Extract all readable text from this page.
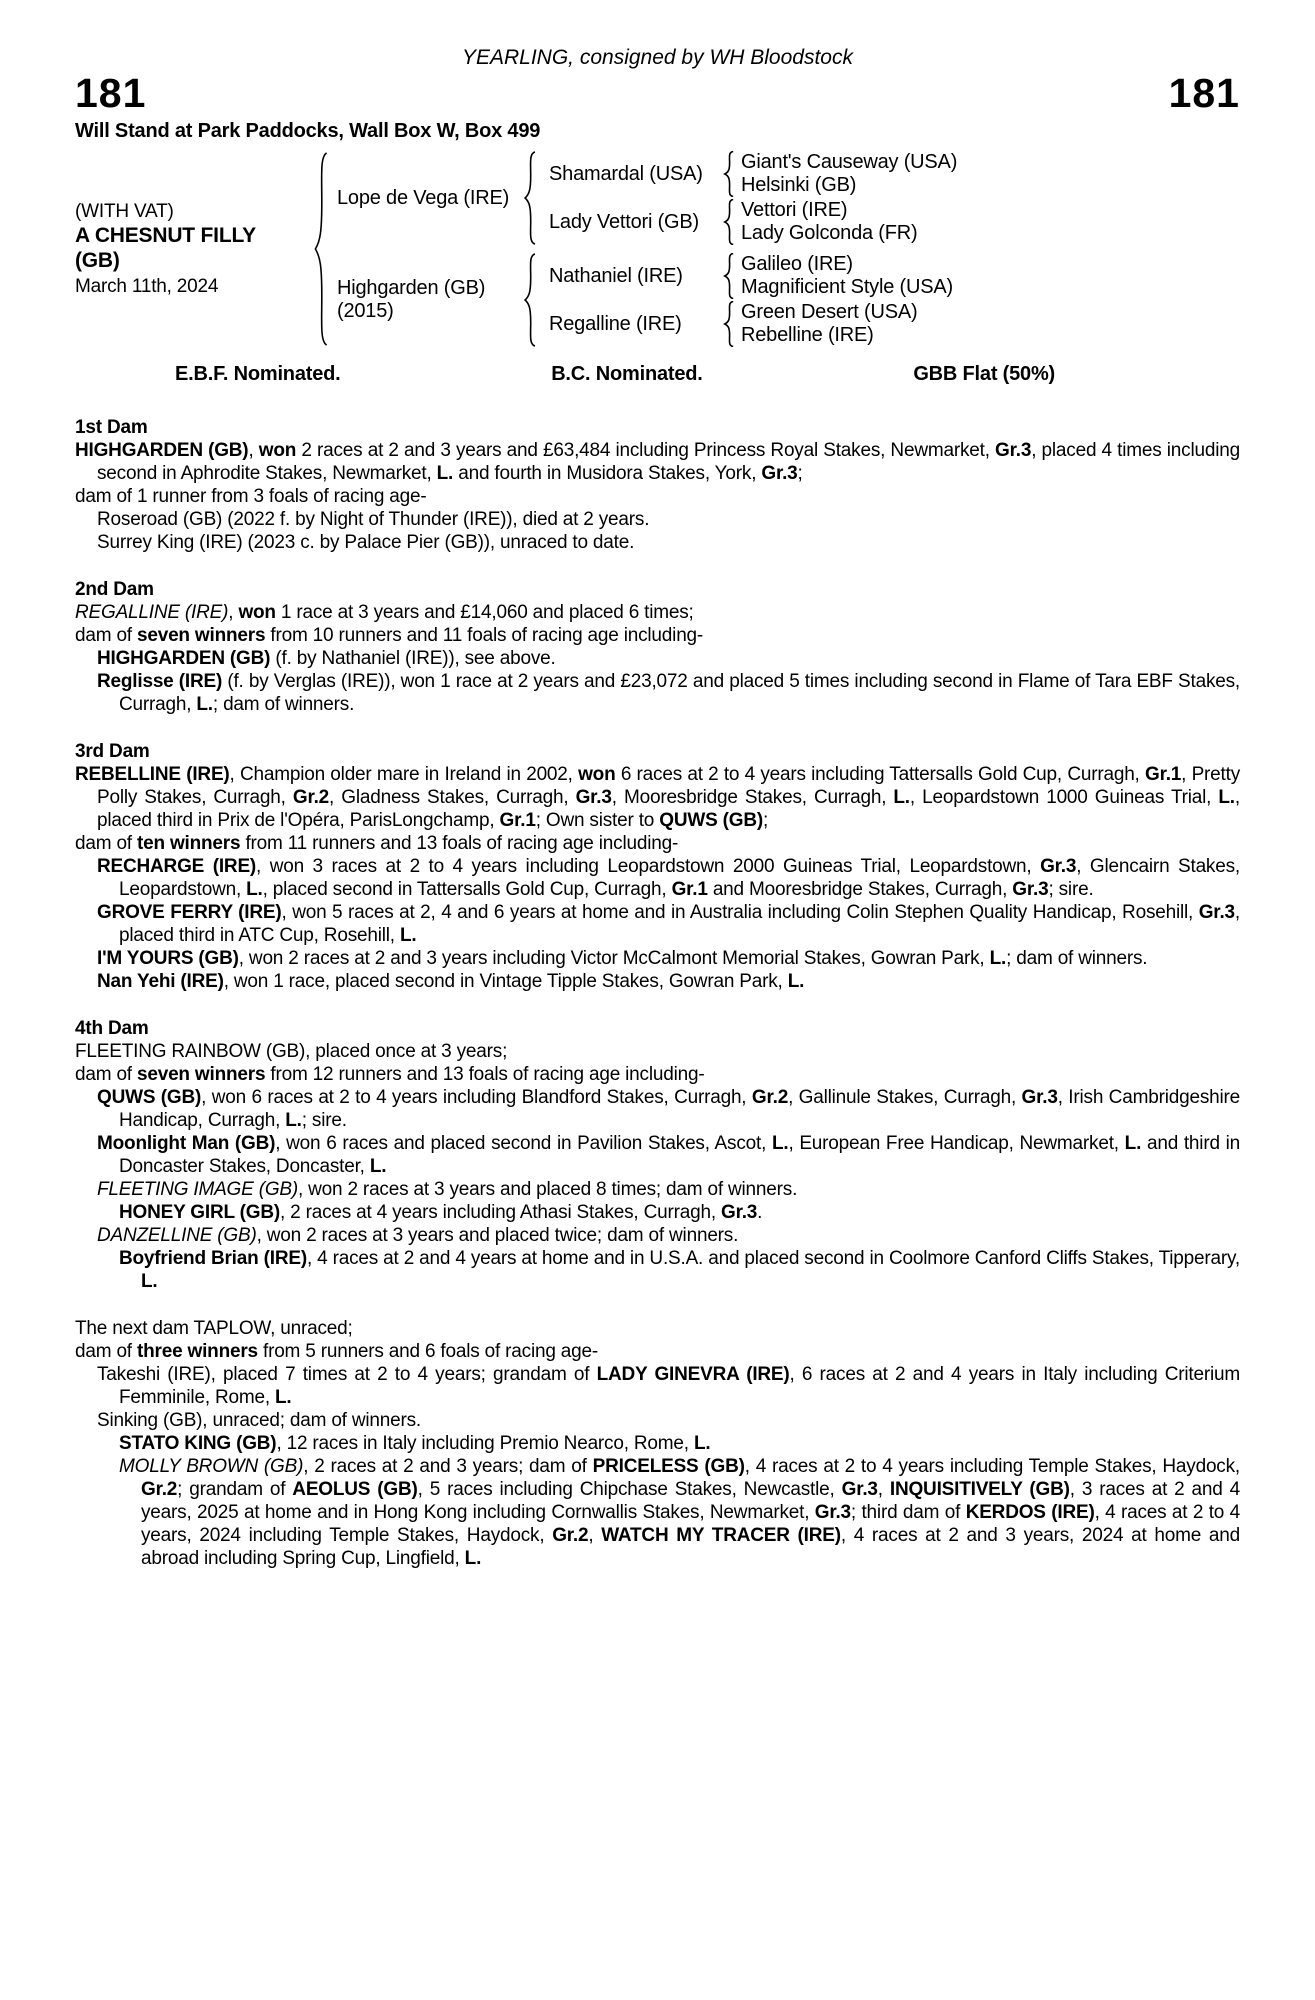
YEARLING, consigned by WH Bloodstock
181	181
Will Stand at Park Paddocks, Wall Box W, Box 499
(WITH VAT)
A CHESNUT FILLY
(GB)
March 11th, 2024
Lope de Vega (IRE)
Shamardal (USA)
Giant's Causeway (USA)
Helsinki (GB)
Lady Vettori (GB)
Vettori (IRE)
Lady Golconda (FR)
Highgarden (GB)
(2015)
Nathaniel (IRE)
Galileo (IRE)
Magnificient Style (USA)
Regalline (IRE)
Green Desert (USA)
Rebelline (IRE)
E.B.F. Nominated.	B.C. Nominated.	GBB Flat (50%)
1st Dam

HIGHGARDEN (GB), won 2 races at 2 and 3 years and £63,484 including Princess Royal Stakes, Newmarket, Gr.3, placed 4 times including second in Aphrodite Stakes, Newmarket, L. and fourth in Musidora Stakes, York, Gr.3;

dam of 1 runner from 3 foals of racing age-

Roseroad (GB) (2022 f. by Night of Thunder (IRE)), died at 2 years.

Surrey King (IRE) (2023 c. by Palace Pier (GB)), unraced to date.

2nd Dam

REGALLINE (IRE), won 1 race at 3 years and £14,060 and placed 6 times;

dam of seven winners from 10 runners and 11 foals of racing age including-

HIGHGARDEN (GB) (f. by Nathaniel (IRE)), see above.

Reglisse (IRE) (f. by Verglas (IRE)), won 1 race at 2 years and £23,072 and placed 5 times including second in Flame of Tara EBF Stakes, Curragh, L.; dam of winners.

3rd Dam

REBELLINE (IRE), Champion older mare in Ireland in 2002, won 6 races at 2 to 4 years including Tattersalls Gold Cup, Curragh, Gr.1, Pretty Polly Stakes, Curragh, Gr.2, Gladness Stakes, Curragh, Gr.3, Mooresbridge Stakes, Curragh, L., Leopardstown 1000 Guineas Trial, L., placed third in Prix de l'Opéra, ParisLongchamp, Gr.1; Own sister to QUWS (GB);

dam of ten winners from 11 runners and 13 foals of racing age including-

RECHARGE (IRE), won 3 races at 2 to 4 years including Leopardstown 2000 Guineas Trial, Leopardstown, Gr.3, Glencairn Stakes, Leopardstown, L., placed second in Tattersalls Gold Cup, Curragh, Gr.1 and Mooresbridge Stakes, Curragh, Gr.3; sire.

GROVE FERRY (IRE), won 5 races at 2, 4 and 6 years at home and in Australia including Colin Stephen Quality Handicap, Rosehill, Gr.3, placed third in ATC Cup, Rosehill, L.

I'M YOURS (GB), won 2 races at 2 and 3 years including Victor McCalmont Memorial Stakes, Gowran Park, L.; dam of winners.

Nan Yehi (IRE), won 1 race, placed second in Vintage Tipple Stakes, Gowran Park, L.

4th Dam

FLEETING RAINBOW (GB), placed once at 3 years;

dam of seven winners from 12 runners and 13 foals of racing age including-

QUWS (GB), won 6 races at 2 to 4 years including Blandford Stakes, Curragh, Gr.2, Gallinule Stakes, Curragh, Gr.3, Irish Cambridgeshire Handicap, Curragh, L.; sire.

Moonlight Man (GB), won 6 races and placed second in Pavilion Stakes, Ascot, L., European Free Handicap, Newmarket, L. and third in Doncaster Stakes, Doncaster, L.

FLEETING IMAGE (GB), won 2 races at 3 years and placed 8 times; dam of winners.

HONEY GIRL (GB), 2 races at 4 years including Athasi Stakes, Curragh, Gr.3.

DANZELLINE (GB), won 2 races at 3 years and placed twice; dam of winners.

Boyfriend Brian (IRE), 4 races at 2 and 4 years at home and in U.S.A. and placed second in Coolmore Canford Cliffs Stakes, Tipperary, L.

The next dam TAPLOW, unraced;

dam of three winners from 5 runners and 6 foals of racing age-

Takeshi (IRE), placed 7 times at 2 to 4 years; grandam of LADY GINEVRA (IRE), 6 races at 2 and 4 years in Italy including Criterium Femminile, Rome, L.

Sinking (GB), unraced; dam of winners.

STATO KING (GB), 12 races in Italy including Premio Nearco, Rome, L.

MOLLY BROWN (GB), 2 races at 2 and 3 years; dam of PRICELESS (GB), 4 races at 2 to 4 years including Temple Stakes, Haydock, Gr.2; grandam of AEOLUS (GB), 5 races including Chipchase Stakes, Newcastle, Gr.3, INQUISITIVELY (GB), 3 races at 2 and 4 years, 2025 at home and in Hong Kong including Cornwallis Stakes, Newmarket, Gr.3; third dam of KERDOS (IRE), 4 races at 2 to 4 years, 2024 including Temple Stakes, Haydock, Gr.2, WATCH MY TRACER (IRE), 4 races at 2 and 3 years, 2024 at home and abroad including Spring Cup, Lingfield, L.
